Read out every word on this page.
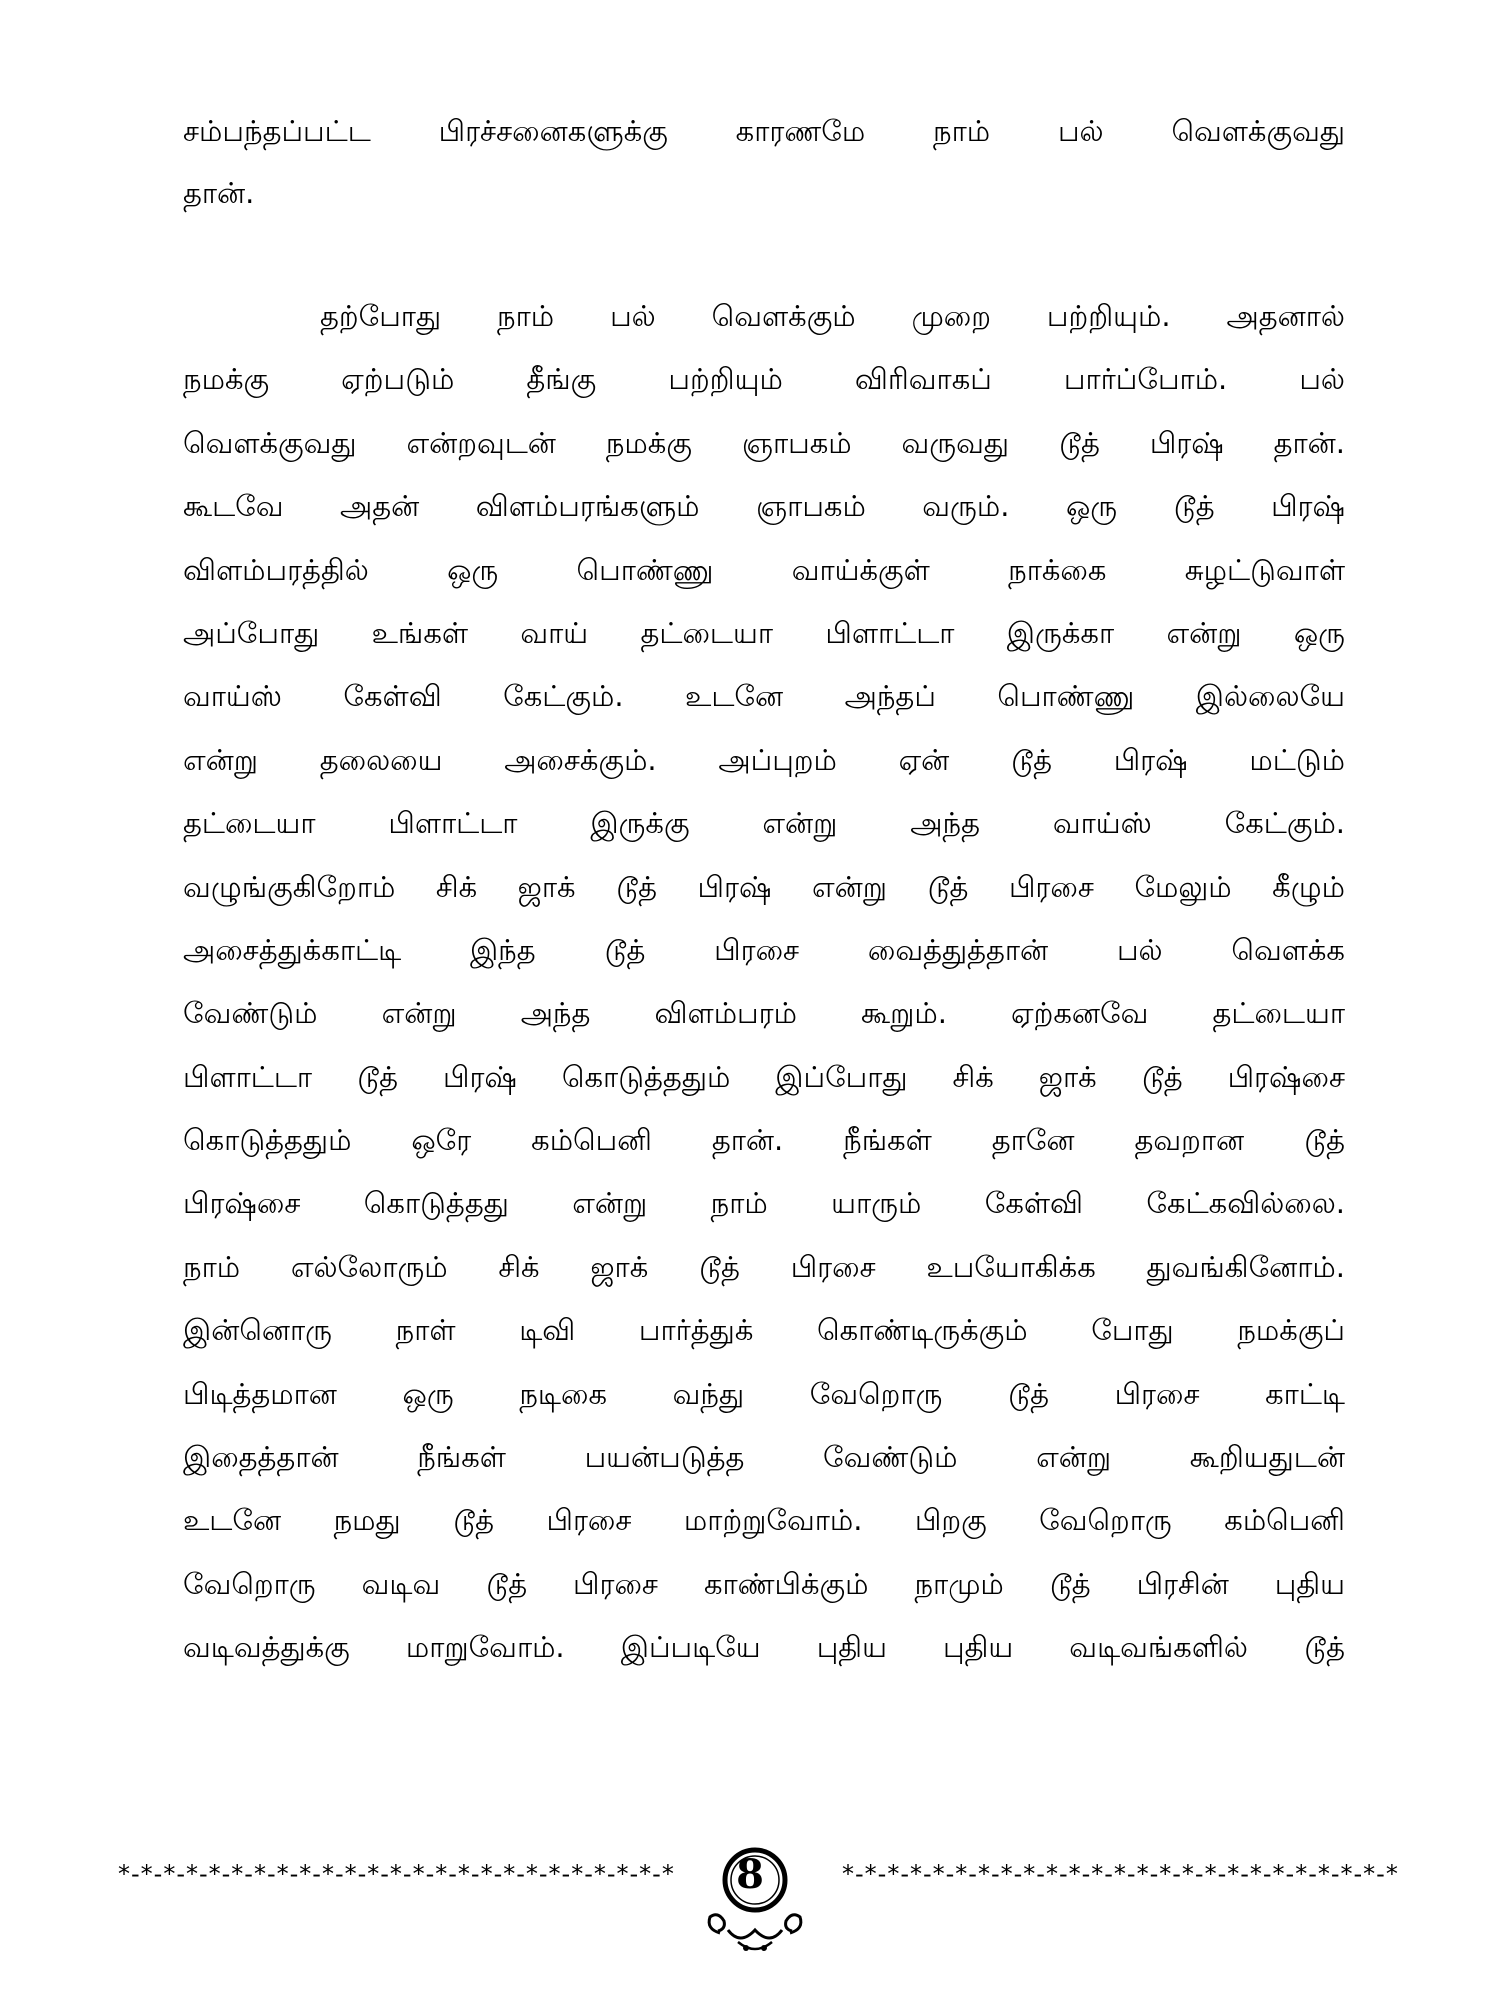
சம்பந்தப்பட்ட பிரச்சனைகளுக்கு காரணமே நாம் பல் வெளக்குவது
தான்.
தற்போது நாம் பல் வெளக்கும் முறை பற்றியும். அதனால்
நமக்கு ஏற்படும் தீங்கு பற்றியும் விரிவாகப் பார்ப்போம். பல்
வெளக்குவது என்றவுடன் நமக்கு ஞாபகம் வருவது டூத் பிரஷ் தான்.
கூடவே அதன் விளம்பரங்களும் ஞாபகம் வரும். ஒரு டூத் பிரஷ்
விளம்பரத்தில் ஒரு பொண்ணு வாய்க்குள் நாக்கை சுழட்டுவாள்
அப்போது உங்கள் வாய் தட்டையா பிளாட்டா இருக்கா என்று ஒரு
வாய்ஸ் கேள்வி கேட்கும். உடனே அந்தப் பொண்ணு இல்லையே
என்று தலையை அசைக்கும். அப்புறம் ஏன் டூத் பிரஷ் மட்டும்
தட்டையா பிளாட்டா இருக்கு என்று அந்த வாய்ஸ் கேட்கும்.
வழுங்குகிறோம் சிக் ஜாக் டூத் பிரஷ் என்று டூத் பிரசை மேலும் கீழும்
அசைத்துக்காட்டி இந்த டூத் பிரசை வைத்துத்தான் பல் வெளக்க
வேண்டும் என்று அந்த விளம்பரம் கூறும். ஏற்கனவே தட்டையா
பிளாட்டா டூத் பிரஷ் கொடுத்ததும் இப்போது சிக் ஜாக் டூத் பிரஷ்சை
கொடுத்ததும் ஒரே கம்பெனி தான். நீங்கள் தானே தவறான டூத்
பிரஷ்சை கொடுத்தது என்று நாம் யாரும் கேள்வி கேட்கவில்லை.
நாம் எல்லோரும் சிக் ஜாக் டூத் பிரசை உபயோகிக்க துவங்கினோம்.
இன்னொரு நாள் டிவி பார்த்துக் கொண்டிருக்கும் போது நமக்குப்
பிடித்தமான ஒரு நடிகை வந்து வேறொரு டூத் பிரசை காட்டி
இதைத்தான் நீங்கள் பயன்படுத்த வேண்டும் என்று கூறியதுடன்
உடனே நமது டூத் பிரசை மாற்றுவோம். பிறகு வேறொரு கம்பெனி
வேறொரு வடிவ டூத் பிரசை காண்பிக்கும் நாமும் டூத் பிரசின் புதிய
வடிவத்துக்கு மாறுவோம். இப்படியே புதிய புதிய வடிவங்களில் டூத்
*-*-*-*-*-*-*-*-*-*-*-*-*-*-*-*-*-*-*-*-*-*-*-*-*	8	*-*-*-*-*-*-*-*-*-*-*-*-*-*-*-*-*-*-*-*-*-*-*-*-*
